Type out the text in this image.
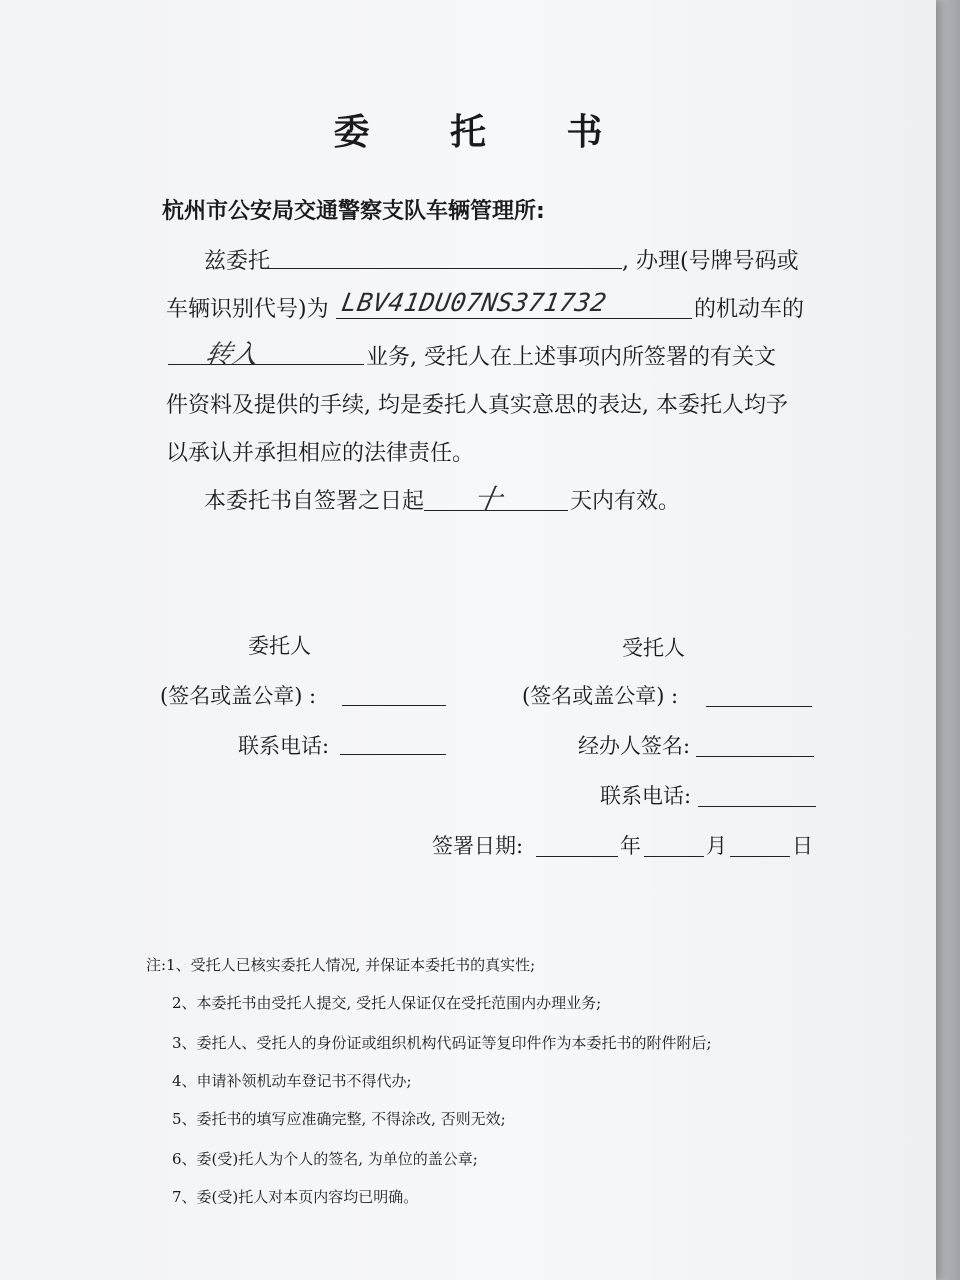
委 托 书
杭州市公安局交通警察支队车辆管理所:
兹委托	, 办理(号牌号码或
车辆识别代号)为 LBV41DU07NS371732	的机动车的
转入	业务, 受托人在上述事项内所签署的有关文
件资料及提供的手续, 均是委托人真实意思的表达, 本委托人均予
以承认并承担相应的法律责任。
本委托书自签署之日起 十	天内有效。
委托人
(签名或盖公章) :
联系电话:
受托人
(签名或盖公章) :
经办人签名:
联系电话:
签署日期:	年	月	日
注:1、受托人已核实委托人情况, 并保证本委托书的真实性;
2、本委托书由受托人提交, 受托人保证仅在受托范围内办理业务;
3、委托人、受托人的身份证或组织机构代码证等复印件作为本委托书的附件附后;
4、申请补领机动车登记书不得代办;
5、委托书的填写应准确完整, 不得涂改, 否则无效;
6、委(受)托人为个人的签名, 为单位的盖公章;
7、委(受)托人对本页内容均已明确。
